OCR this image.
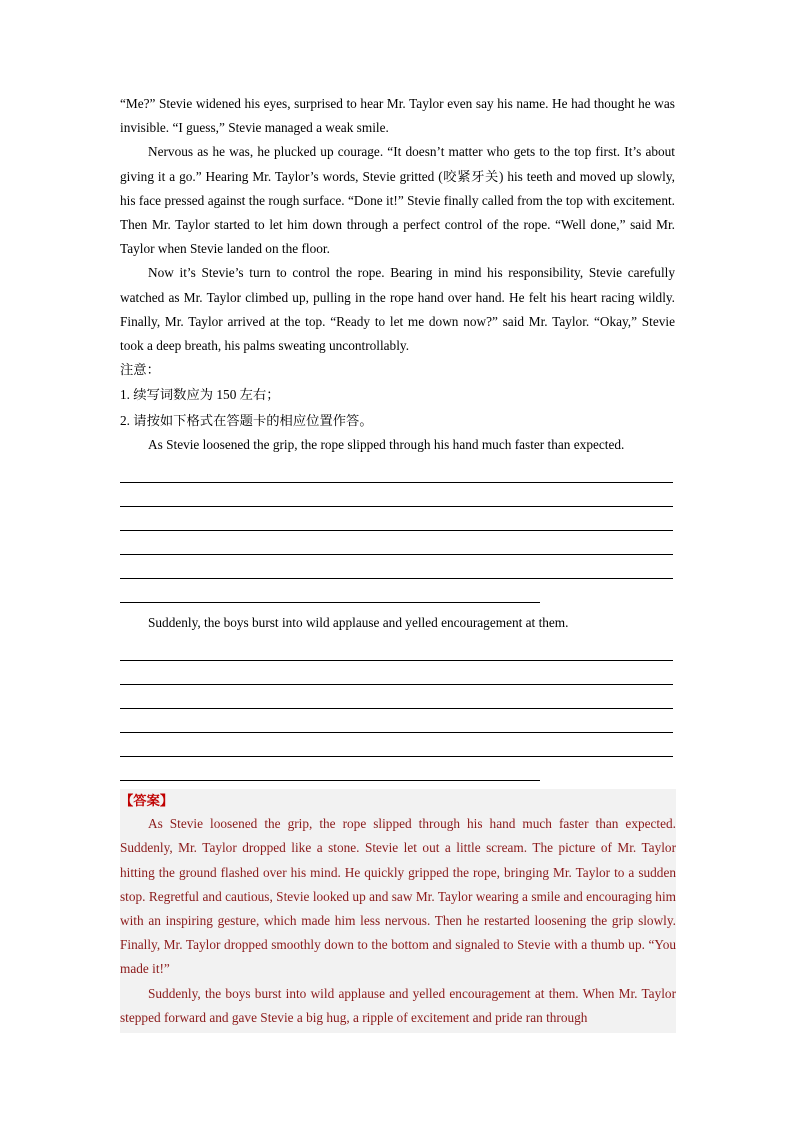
“Me?” Stevie widened his eyes, surprised to hear Mr. Taylor even say his name. He had thought he was invisible. “I guess,” Stevie managed a weak smile.

Nervous as he was, he plucked up courage. “It doesn’t matter who gets to the top first. It’s about giving it a go.” Hearing Mr. Taylor’s words, Stevie gritted (咬紧牙关) his teeth and moved up slowly, his face pressed against the rough surface. “Done it!” Stevie finally called from the top with excitement. Then Mr. Taylor started to let him down through a perfect control of the rope. “Well done,” said Mr. Taylor when Stevie landed on the floor.

Now it’s Stevie’s turn to control the rope. Bearing in mind his responsibility, Stevie carefully watched as Mr. Taylor climbed up, pulling in the rope hand over hand. He felt his heart racing wildly. Finally, Mr. Taylor arrived at the top. “Ready to let me down now?” said Mr. Taylor. “Okay,” Stevie took a deep breath, his palms sweating uncontrollably.

注意：

1. 续写词数应为 150 左右；

2. 请按如下格式在答题卡的相应位置作答。

As Stevie loosened the grip, the rope slipped through his hand much faster than expected.

Suddenly, the boys burst into wild applause and yelled encouragement at them.

【答案】

As Stevie loosened the grip, the rope slipped through his hand much faster than expected. Suddenly, Mr. Taylor dropped like a stone. Stevie let out a little scream. The picture of Mr. Taylor hitting the ground flashed over his mind. He quickly gripped the rope, bringing Mr. Taylor to a sudden stop. Regretful and cautious, Stevie looked up and saw Mr. Taylor wearing a smile and encouraging him with an inspiring gesture, which made him less nervous. Then he restarted loosening the grip slowly. Finally, Mr. Taylor dropped smoothly down to the bottom and signaled to Stevie with a thumb up. “You made it!”

Suddenly, the boys burst into wild applause and yelled encouragement at them. When Mr. Taylor stepped forward and gave Stevie a big hug, a ripple of excitement and pride ran through
